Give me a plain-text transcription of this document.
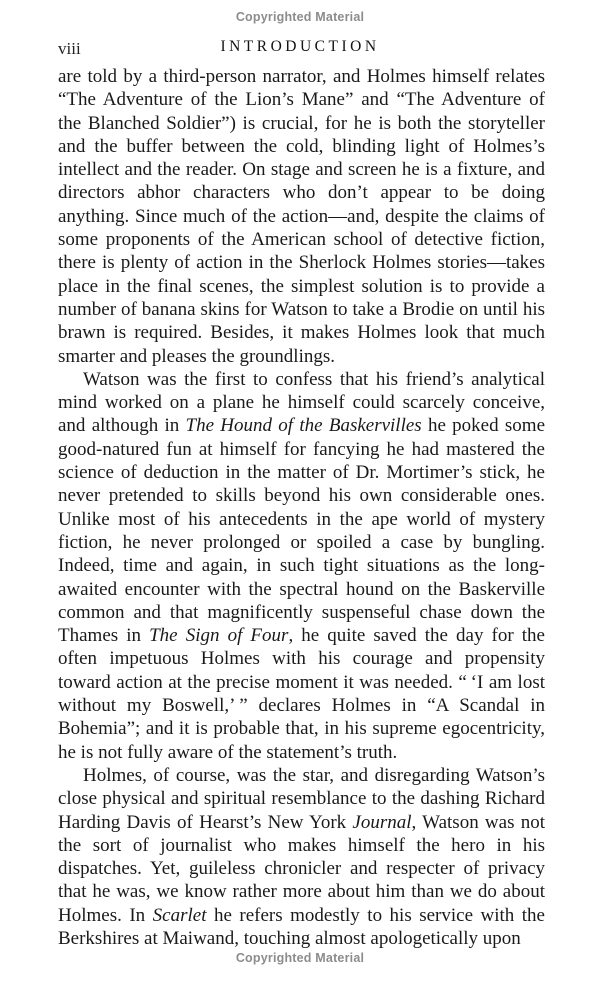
Copyrighted Material
viii	INTRODUCTION

are told by a third-person narrator, and Holmes himself relates “The Adventure of the Lion’s Mane” and “The Adventure of the Blanched Soldier”) is crucial, for he is both the storyteller and the buffer between the cold, blinding light of Holmes’s intellect and the reader. On stage and screen he is a fixture, and directors abhor characters who don’t appear to be doing anything. Since much of the action—and, despite the claims of some proponents of the American school of detective fiction, there is plenty of action in the Sherlock Holmes stories—takes place in the final scenes, the simplest solution is to provide a number of banana skins for Watson to take a Brodie on until his brawn is required. Besides, it makes Holmes look that much smarter and pleases the groundlings.

Watson was the first to confess that his friend’s analytical mind worked on a plane he himself could scarcely conceive, and although in The Hound of the Baskervilles he poked some good-natured fun at himself for fancying he had mastered the science of deduction in the matter of Dr. Mortimer’s stick, he never pretended to skills beyond his own considerable ones. Unlike most of his antecedents in the ape world of mystery fiction, he never prolonged or spoiled a case by bungling. Indeed, time and again, in such tight situations as the long-awaited encounter with the spectral hound on the Baskerville common and that magnificently suspenseful chase down the Thames in The Sign of Four, he quite saved the day for the often impetuous Holmes with his courage and propensity toward action at the precise moment it was needed. “ ‘I am lost without my Boswell,’ ” declares Holmes in “A Scandal in Bohemia”; and it is probable that, in his supreme egocentricity, he is not fully aware of the statement’s truth.

Holmes, of course, was the star, and disregarding Watson’s close physical and spiritual resemblance to the dashing Richard Harding Davis of Hearst’s New York Journal, Watson was not the sort of journalist who makes himself the hero in his dispatches. Yet, guileless chronicler and respecter of privacy that he was, we know rather more about him than we do about Holmes. In Scarlet he refers modestly to his service with the Berkshires at Maiwand, touching almost apologetically upon

Copyrighted Material
